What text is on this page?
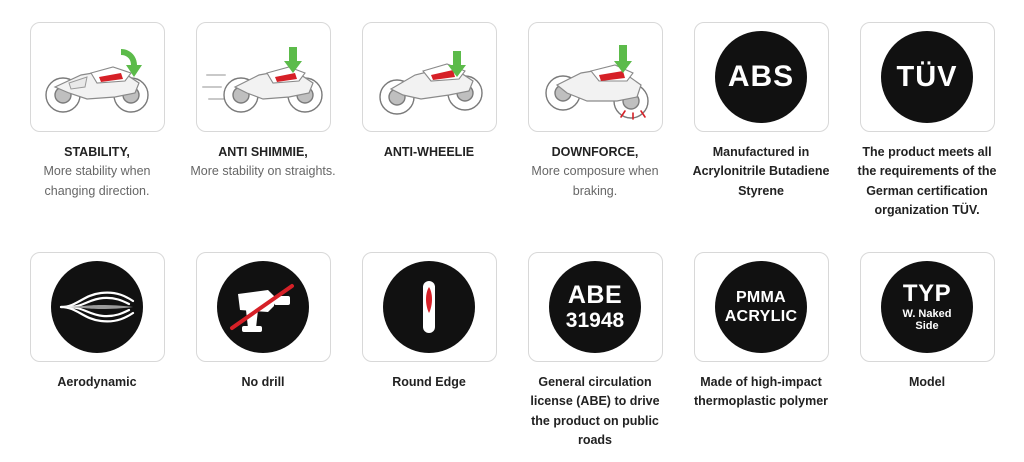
STABILITY,
More stability when changing direction.
ANTI SHIMMIE,
More stability on straights.
ANTI-WHEELIE	DOWNFORCE,
More composure when braking.
ABS
Manufactured in Acrylonitrile Butadiene Styrene
TÜV
The product meets all the requirements of the German certification organization TÜV.
Aerodynamic	No drill	Round Edge
ABE
31948
General circulation license (ABE) to drive the product on public roads
PMMA
ACRYLIC
Made of high-impact thermoplastic polymer
TYP
W. Naked
Side
Model
